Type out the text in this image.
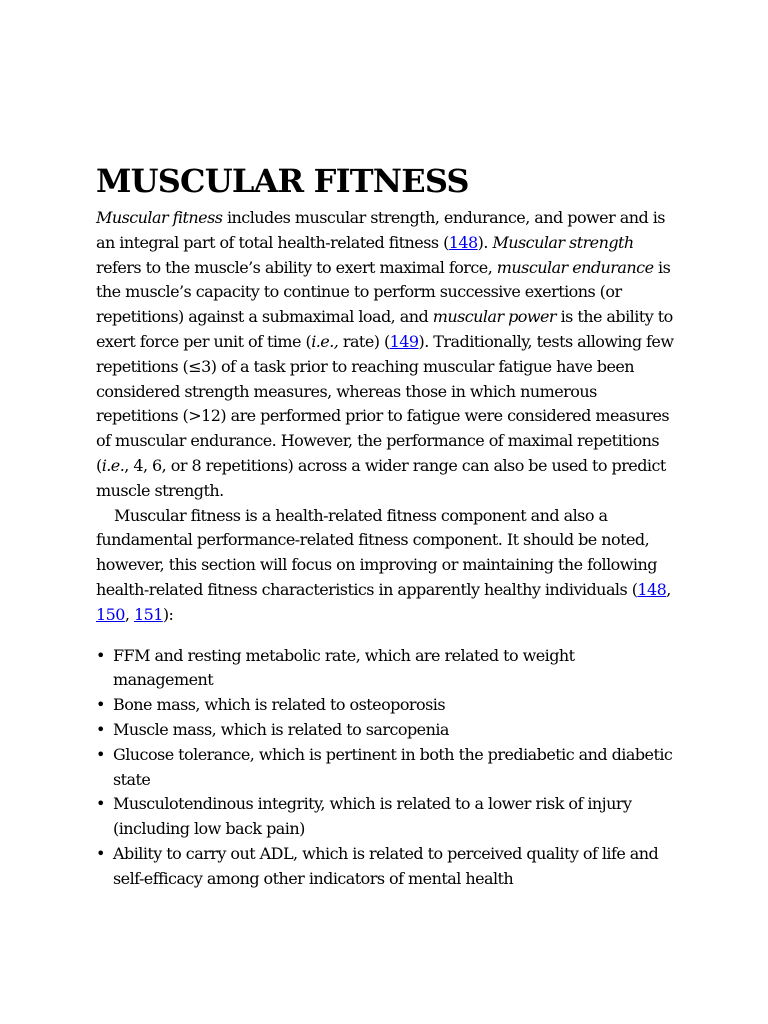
MUSCULAR FITNESS

Muscular fitness includes muscular strength, endurance, and power and is an integral part of total health-related fitness (148). Muscular strength refers to the muscle’s ability to exert maximal force, muscular endurance is the muscle’s capacity to continue to perform successive exertions (or repetitions) against a submaximal load, and muscular power is the ability to exert force per unit of time (i.e., rate) (149). Traditionally, tests allowing few repetitions (≤3) of a task prior to reaching muscular fatigue have been considered strength measures, whereas those in which numerous repetitions (>12) are performed prior to fatigue were considered measures of muscular endurance. However, the performance of maximal repetitions (i.e., 4, 6, or 8 repetitions) across a wider range can also be used to predict muscle strength.

Muscular fitness is a health-related fitness component and also a fundamental performance-related fitness component. It should be noted, however, this section will focus on improving or maintaining the following health-related fitness characteristics in apparently healthy individuals (148, 150, 151):

• FFM and resting metabolic rate, which are related to weight management
• Bone mass, which is related to osteoporosis
• Muscle mass, which is related to sarcopenia
• Glucose tolerance, which is pertinent in both the prediabetic and diabetic state
• Musculotendinous integrity, which is related to a lower risk of injury (including low back pain)
• Ability to carry out ADL, which is related to perceived quality of life and self-efficacy among other indicators of mental health
